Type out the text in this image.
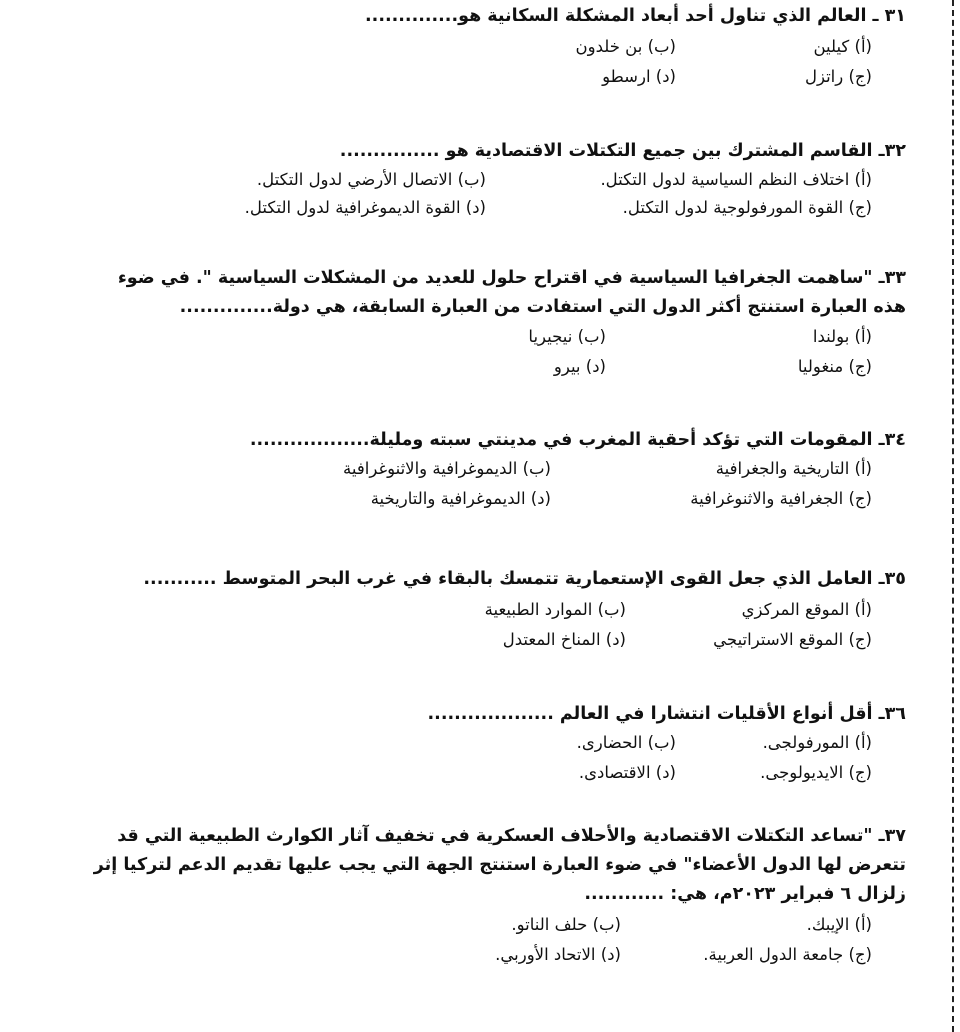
٣١ ـ العالم الذي تناول أحد أبعاد المشكلة السكانية هو..............

(أ) كيلين
(ب) بن خلدون
(ج) راتزل
(د) ارسطو

٣٢ـ القاسم المشترك بين جميع التكتلات الاقتصادية هو ...............

(أ) اختلاف النظم السياسية لدول التكتل.
(ب) الاتصال الأرضي لدول التكتل.
(ج) القوة المورفولوجية لدول التكتل.
(د) القوة الديموغرافية لدول التكتل.

٣٣ـ "ساهمت الجغرافيا السياسية في اقتراح حلول للعديد من المشكلات السياسية ". في ضوء

هذه العبارة استنتج أكثر الدول التي استفادت من العبارة السابقة، هي دولة..............

(أ) بولندا
(ب) نيجيريا
(ج) منغوليا
(د) بيرو

٣٤ـ المقومات التي تؤكد أحقية المغرب في مدينتي سبته ومليلة..................

(أ) التاريخية والجغرافية
(ب) الديموغرافية والاثنوغرافية
(ج) الجغرافية والاثنوغرافية
(د) الديموغرافية والتاريخية

٣٥ـ العامل الذي جعل القوى الإستعمارية تتمسك بالبقاء في غرب البحر المتوسط ...........

(أ) الموقع المركزي
(ب) الموارد الطبيعية
(ج) الموقع الاستراتيجي
(د) المناخ المعتدل

٣٦ـ أقل أنواع الأقليات انتشارا في العالم ...................

(أ) المورفولجى.
(ب) الحضارى.
(ج) الايديولوجى.
(د) الاقتصادى.

٣٧ـ "تساعد التكتلات الاقتصادية والأحلاف العسكرية في تخفيف آثار الكوارث الطبيعية التي قد

تتعرض لها الدول الأعضاء" في ضوء العبارة استنتج الجهة التي يجب عليها تقديم الدعم لتركيا إثر

زلزال ٦ فبراير ٢٠٢٣م، هي: ............

(أ) الإيبك.
(ب) حلف الناتو.
(ج) جامعة الدول العربية.
(د) الاتحاد الأوربي.
